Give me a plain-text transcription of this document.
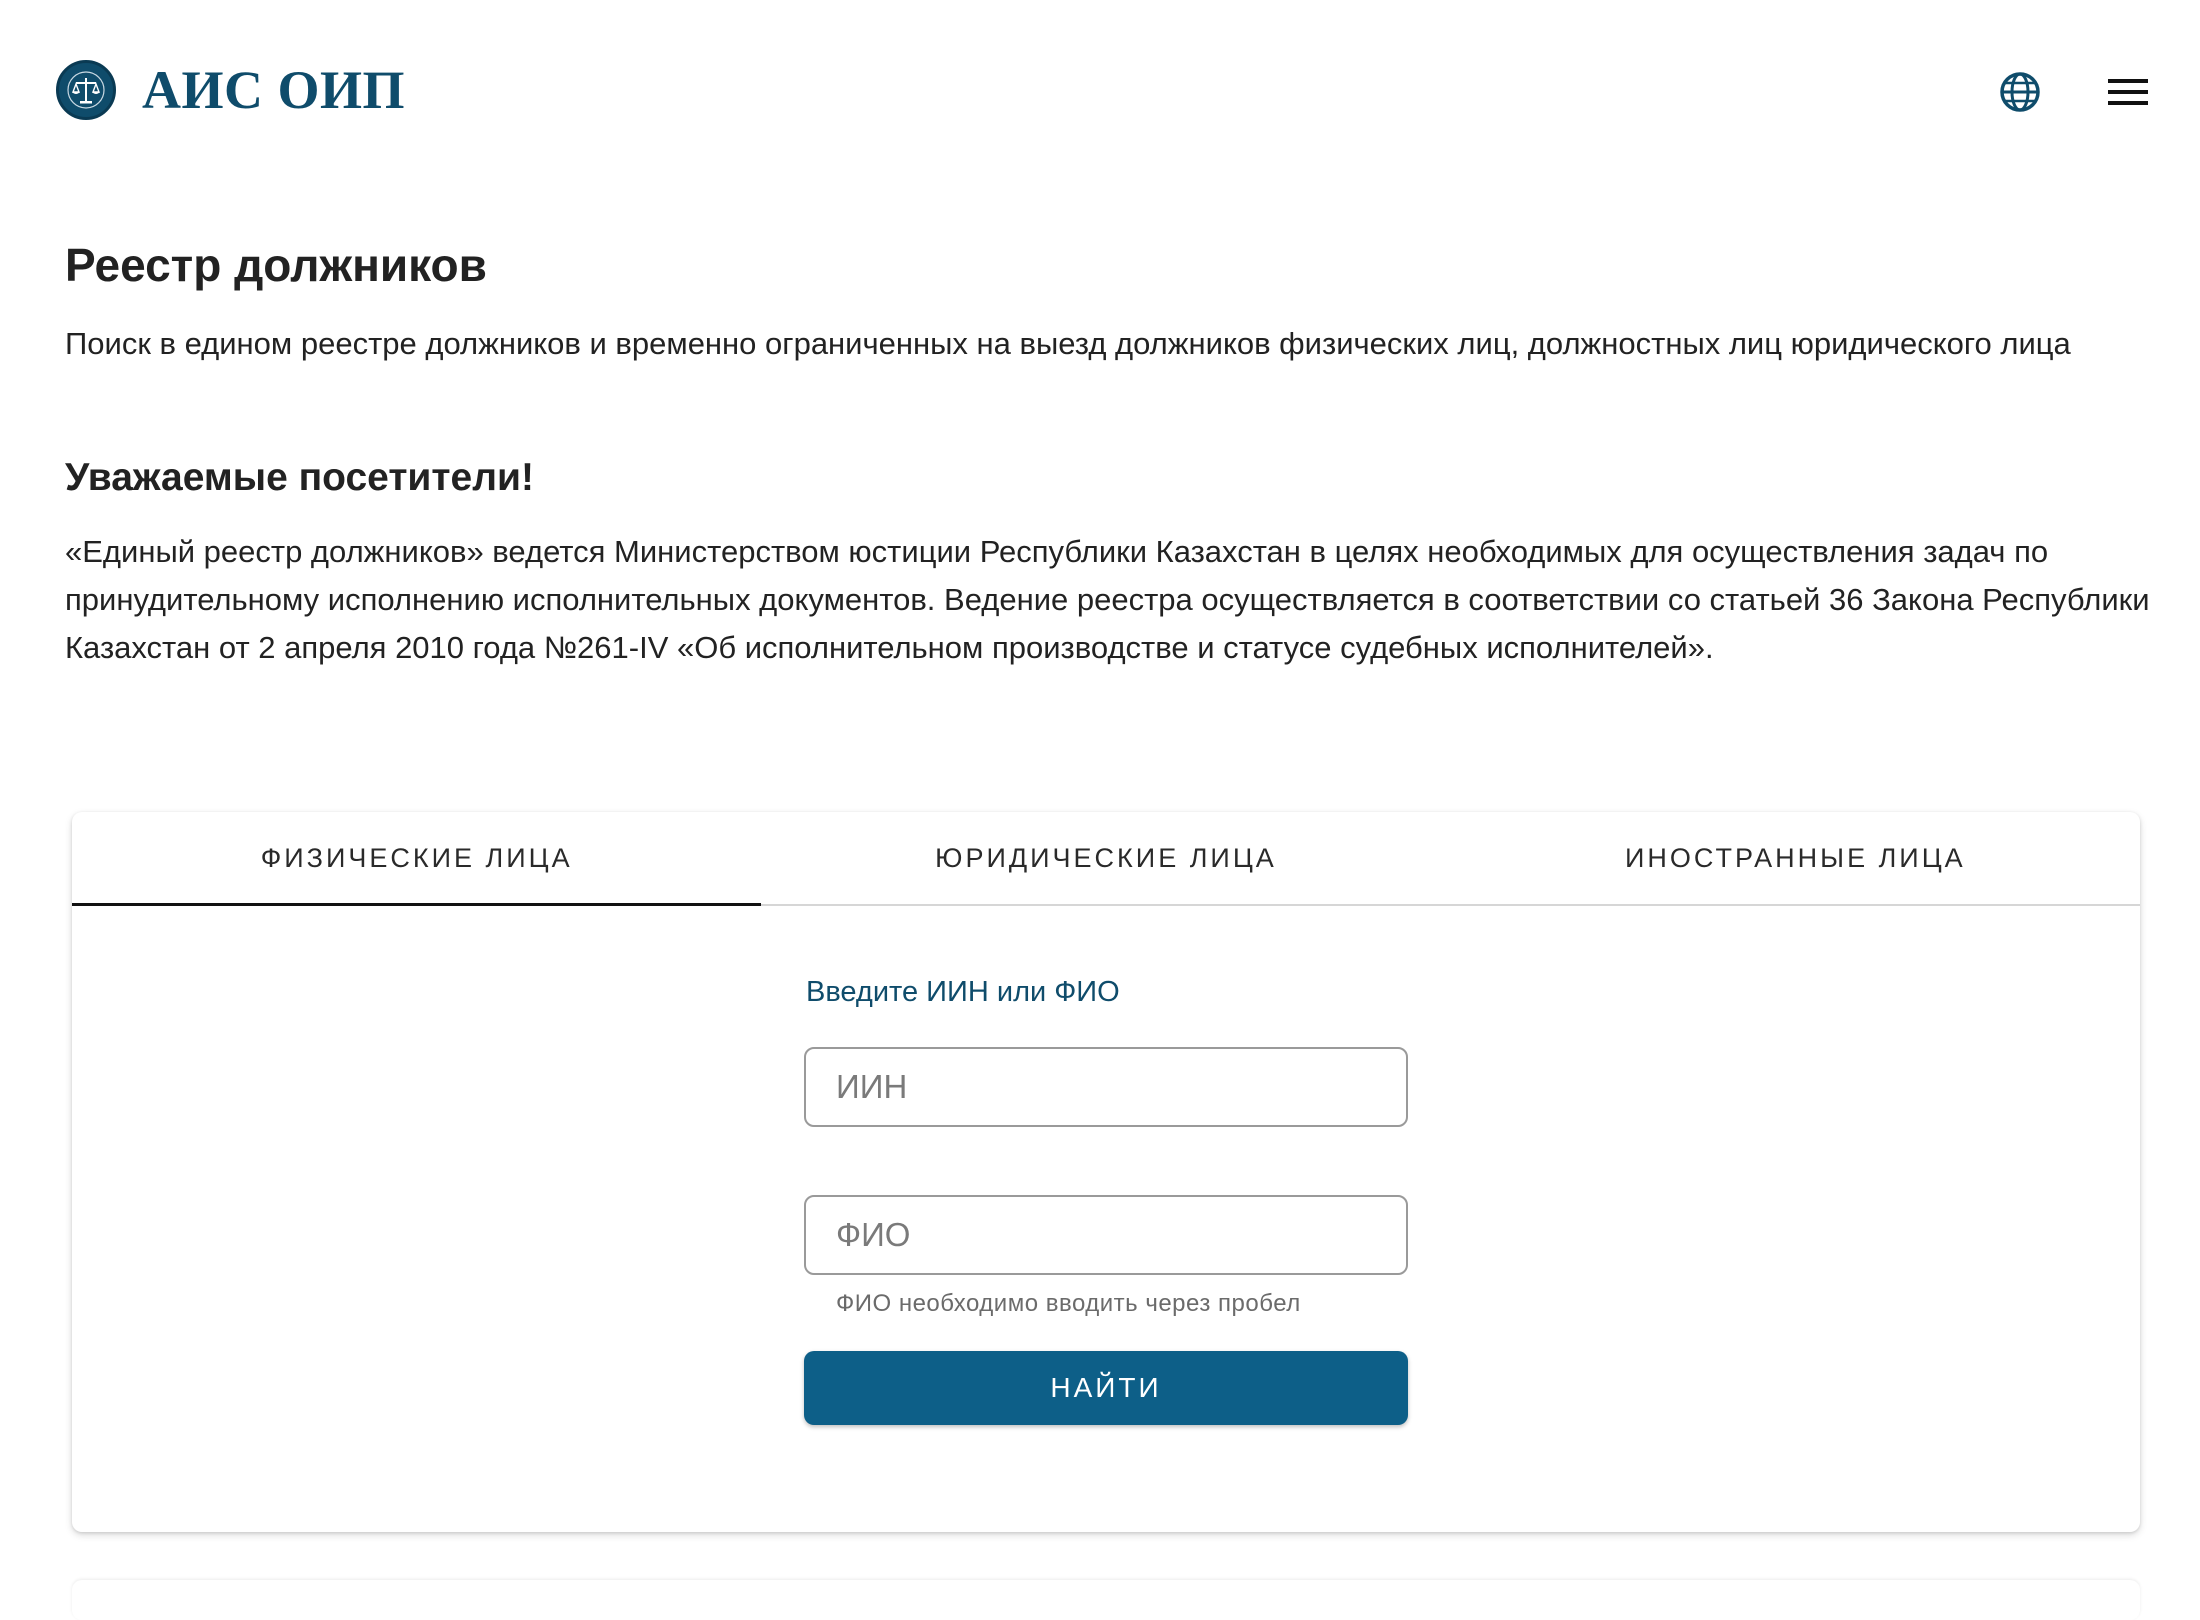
АИС ОИП
Реестр должников

Поиск в едином реестре должников и временно ограниченных на выезд должников физических лиц, должностных лиц юридического лица

Уважаемые посетители!

«Единый реестр должников» ведется Министерством юстиции Республики Казахстан в целях необходимых для осуществления задач по принудительному исполнению исполнительных документов. Ведение реестра осуществляется в соответствии со статьей 36 Закона Республики Казахстан от 2 апреля 2010 года №261-IV «Об исполнительном производстве и статусе судебных исполнителей».

ФИЗИЧЕСКИЕ ЛИЦА	ЮРИДИЧЕСКИЕ ЛИЦА	ИНОСТРАННЫЕ ЛИЦА
Введите ИИН или ФИО
ИИН
ФИО
ФИО необходимо вводить через пробел
НАЙТИ
